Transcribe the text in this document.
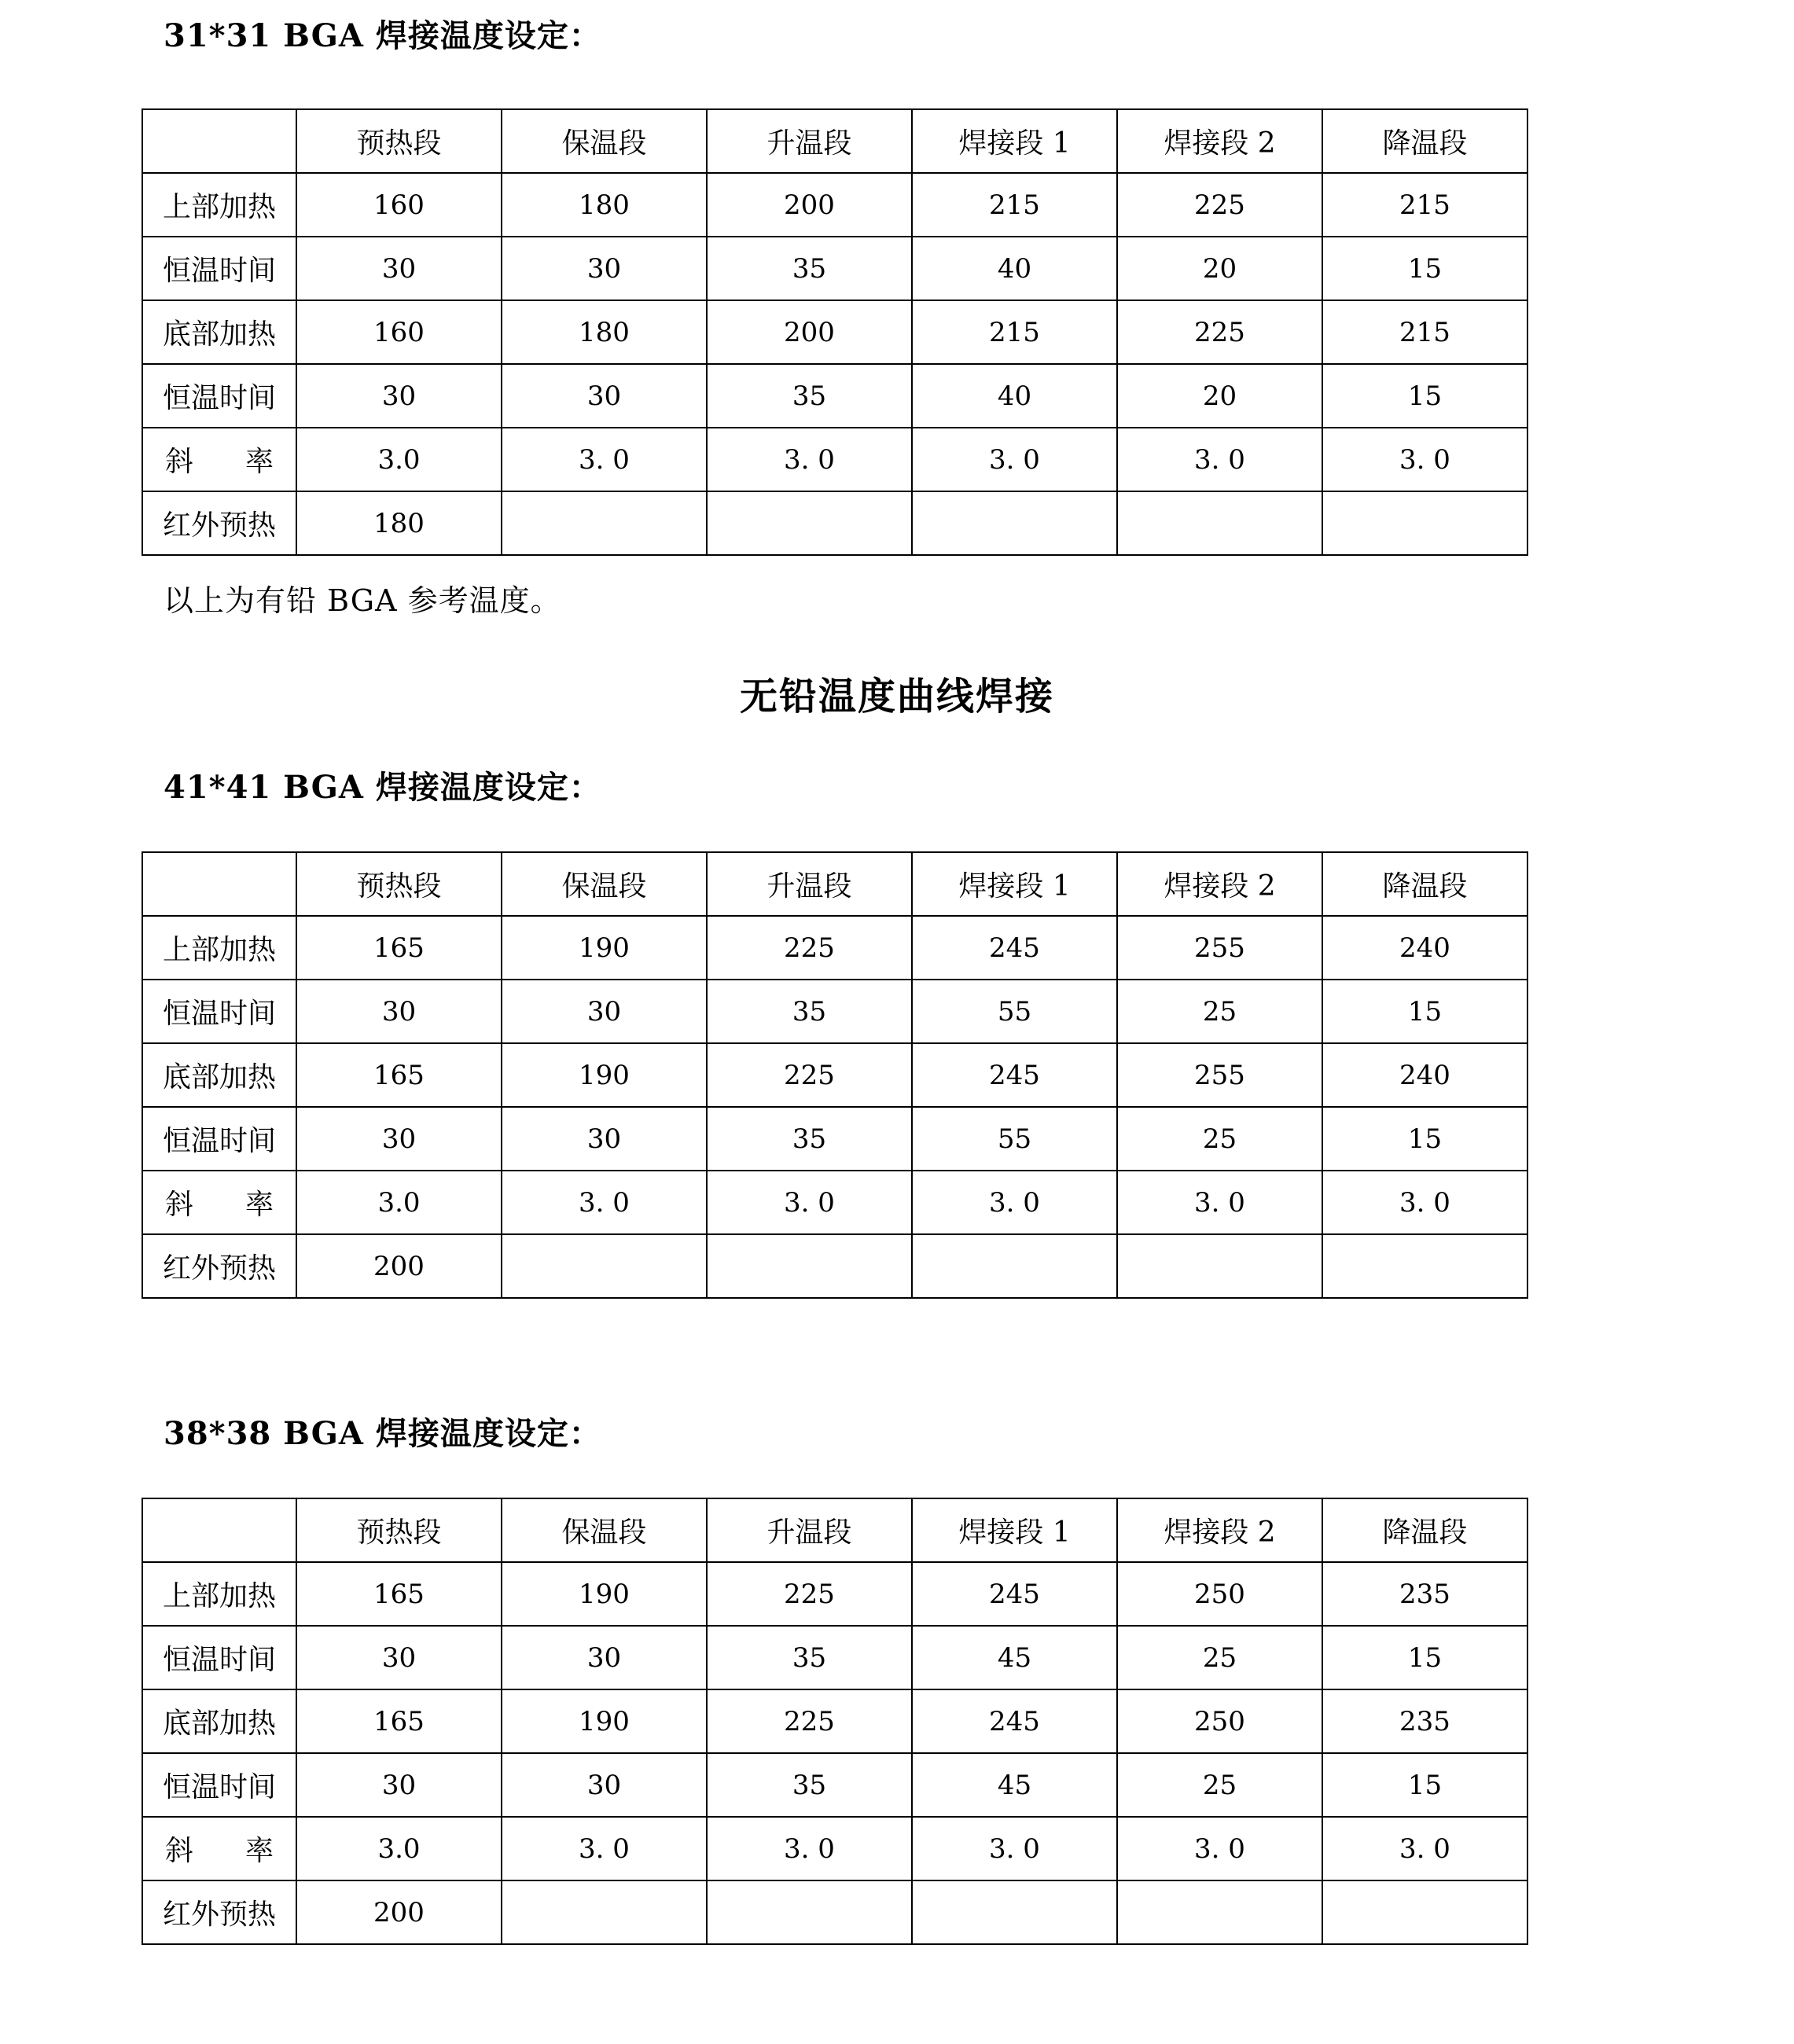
31*31 BGA 焊接温度设定：
	预热段	保温段	升温段	焊接段 1	焊接段 2	降温段
上部加热	160	180	200	215	225	215
恒温时间	30	30	35	40	20	15
底部加热	160	180	200	215	225	215
恒温时间	30	30	35	40	20	15
斜 率	3.0	3. 0	3. 0	3. 0	3. 0	3. 0
红外预热	180					
以上为有铅 BGA 参考温度。
无铅温度曲线焊接
41*41 BGA 焊接温度设定：
	预热段	保温段	升温段	焊接段 1	焊接段 2	降温段
上部加热	165	190	225	245	255	240
恒温时间	30	30	35	55	25	15
底部加热	165	190	225	245	255	240
恒温时间	30	30	35	55	25	15
斜 率	3.0	3. 0	3. 0	3. 0	3. 0	3. 0
红外预热	200					
38*38 BGA 焊接温度设定：
	预热段	保温段	升温段	焊接段 1	焊接段 2	降温段
上部加热	165	190	225	245	250	235
恒温时间	30	30	35	45	25	15
底部加热	165	190	225	245	250	235
恒温时间	30	30	35	45	25	15
斜 率	3.0	3. 0	3. 0	3. 0	3. 0	3. 0
红外预热	200					
